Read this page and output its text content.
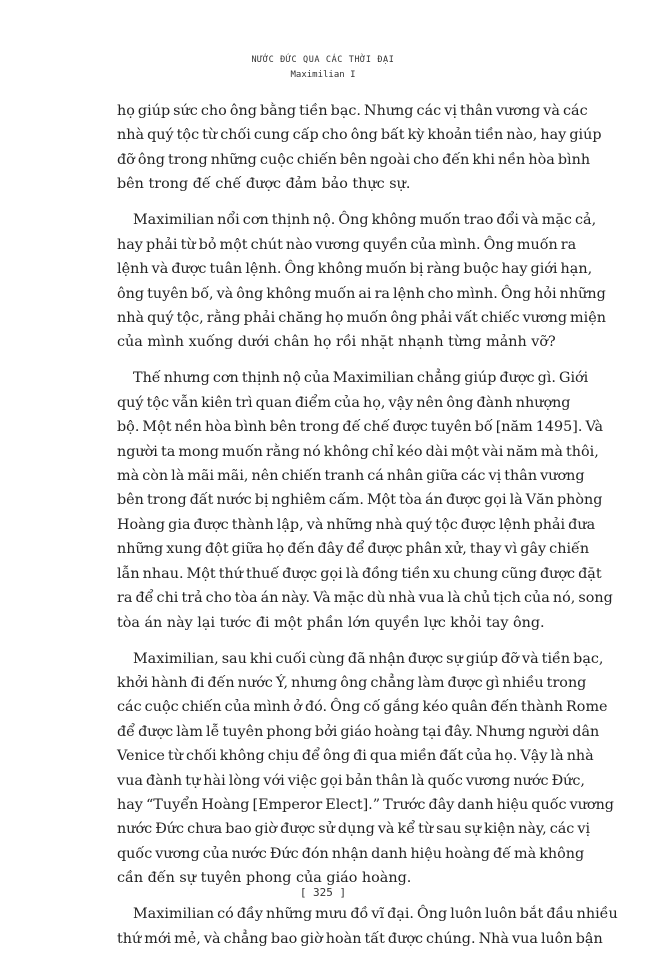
NƯỚC ĐỨC QUA CÁC THỜI ĐẠI
Maximilian I

họ giúp sức cho ông bằng tiền bạc. Nhưng các vị thân vương và các
nhà quý tộc từ chối cung cấp cho ông bất kỳ khoản tiền nào, hay giúp
đỡ ông trong những cuộc chiến bên ngoài cho đến khi nền hòa bình
bên trong đế chế được đảm bảo thực sự.

Maximilian nổi cơn thịnh nộ. Ông không muốn trao đổi và mặc cả,
hay phải từ bỏ một chút nào vương quyền của mình. Ông muốn ra
lệnh và được tuân lệnh. Ông không muốn bị ràng buộc hay giới hạn,
ông tuyên bố, và ông không muốn ai ra lệnh cho mình. Ông hỏi những
nhà quý tộc, rằng phải chăng họ muốn ông phải vất chiếc vương miện
của mình xuống dưới chân họ rồi nhặt nhạnh từng mảnh vỡ?

Thế nhưng cơn thịnh nộ của Maximilian chẳng giúp được gì. Giới
quý tộc vẫn kiên trì quan điểm của họ, vậy nên ông đành nhượng
bộ. Một nền hòa bình bên trong đế chế được tuyên bố [năm 1495]. Và
người ta mong muốn rằng nó không chỉ kéo dài một vài năm mà thôi,
mà còn là mãi mãi, nên chiến tranh cá nhân giữa các vị thân vương
bên trong đất nước bị nghiêm cấm. Một tòa án được gọi là Văn phòng
Hoàng gia được thành lập, và những nhà quý tộc được lệnh phải đưa
những xung đột giữa họ đến đây để được phân xử, thay vì gây chiến
lẫn nhau. Một thứ thuế được gọi là đồng tiền xu chung cũng được đặt
ra để chi trả cho tòa án này. Và mặc dù nhà vua là chủ tịch của nó, song
tòa án này lại tước đi một phần lớn quyền lực khỏi tay ông.

Maximilian, sau khi cuối cùng đã nhận được sự giúp đỡ và tiền bạc,
khởi hành đi đến nước Ý, nhưng ông chẳng làm được gì nhiều trong
các cuộc chiến của mình ở đó. Ông cố gắng kéo quân đến thành Rome
để được làm lễ tuyên phong bởi giáo hoàng tại đây. Nhưng người dân
Venice từ chối không chịu để ông đi qua miền đất của họ. Vậy là nhà
vua đành tự hài lòng với việc gọi bản thân là quốc vương nước Đức,
hay “Tuyển Hoàng [Emperor Elect].” Trước đây danh hiệu quốc vương
nước Đức chưa bao giờ được sử dụng và kể từ sau sự kiện này, các vị
quốc vương của nước Đức đón nhận danh hiệu hoàng đế mà không
cần đến sự tuyên phong của giáo hoàng.

Maximilian có đầy những mưu đồ vĩ đại. Ông luôn luôn bắt đầu nhiều
thứ mới mẻ, và chẳng bao giờ hoàn tất được chúng. Nhà vua luôn bận

[ 325 ]
